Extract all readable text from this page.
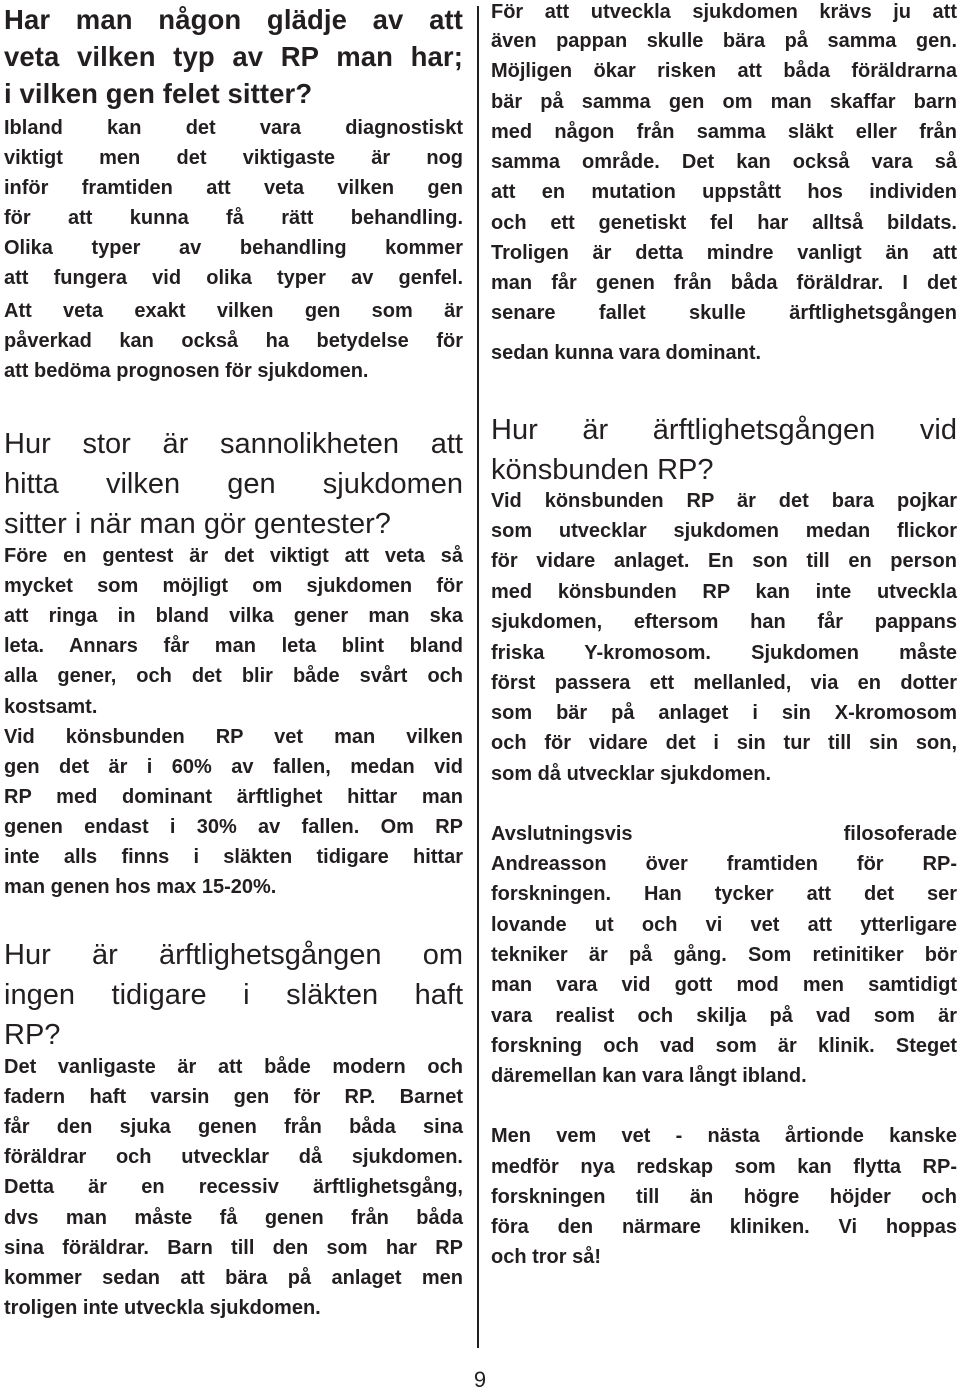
Har man någon glädje av att
veta vilken typ av RP man har;
i vilken gen felet sitter?
Ibland kan det vara diagnostiskt
viktigt men det viktigaste är nog
inför framtiden att veta vilken gen
för att kunna få rätt behandling.
Olika typer av behandling kommer
att fungera vid olika typer av genfel.
Att veta exakt vilken gen som är
påverkad kan också ha betydelse för
att bedöma prognosen för sjukdomen.
Hur stor är sannolikheten att
hitta vilken gen sjukdomen
sitter i när man gör gentester?
Före en gentest är det viktigt att veta så
mycket som möjligt om sjukdomen för
att ringa in bland vilka gener man ska
leta. Annars får man leta blint bland
alla gener, och det blir både svårt och
kostsamt.
Vid könsbunden RP vet man vilken
gen det är i 60% av fallen, medan vid
RP med dominant ärftlighet hittar man
genen endast i 30% av fallen. Om RP
inte alls finns i släkten tidigare hittar
man genen hos max 15-20%.
Hur är ärftlighetsgången om
ingen tidigare i släkten haft
RP?
Det vanligaste är att både modern och
fadern haft varsin gen för RP. Barnet
får den sjuka genen från båda sina
föräldrar och utvecklar då sjukdomen.
Detta är en recessiv ärftlighetsgång,
dvs man måste få genen från båda
sina föräldrar. Barn till den som har RP
kommer sedan att bära på anlaget men
troligen inte utveckla sjukdomen.
För att utveckla sjukdomen krävs ju att
även pappan skulle bära på samma gen.
Möjligen ökar risken att båda föräldrarna
bär på samma gen om man skaffar barn
med någon från samma släkt eller från
samma område. Det kan också vara så
att en mutation uppstått hos individen
och ett genetiskt fel har alltså bildats.
Troligen är detta mindre vanligt än att
man får genen från båda föräldrar. I det
senare fallet skulle ärftlighetsgången
sedan kunna vara dominant.
Hur är ärftlighetsgången vid
könsbunden RP?
Vid könsbunden RP är det bara pojkar
som utvecklar sjukdomen medan flickor
för vidare anlaget. En son till en person
med könsbunden RP kan inte utveckla
sjukdomen, eftersom han får pappans
friska Y-kromosom. Sjukdomen måste
först passera ett mellanled, via en dotter
som bär på anlaget i sin X-kromosom
och för vidare det i sin tur till sin son,
som då utvecklar sjukdomen.
Avslutningsvis filosoferade
Andreasson över framtiden för RP-
forskningen. Han tycker att det ser
lovande ut och vi vet att ytterligare
tekniker är på gång. Som retinitiker bör
man vara vid gott mod men samtidigt
vara realist och skilja på vad som är
forskning och vad som är klinik. Steget
däremellan kan vara långt ibland.
Men vem vet - nästa årtionde kanske
medför nya redskap som kan flytta RP-
forskningen till än högre höjder och
föra den närmare kliniken. Vi hoppas
och tror så!
9
